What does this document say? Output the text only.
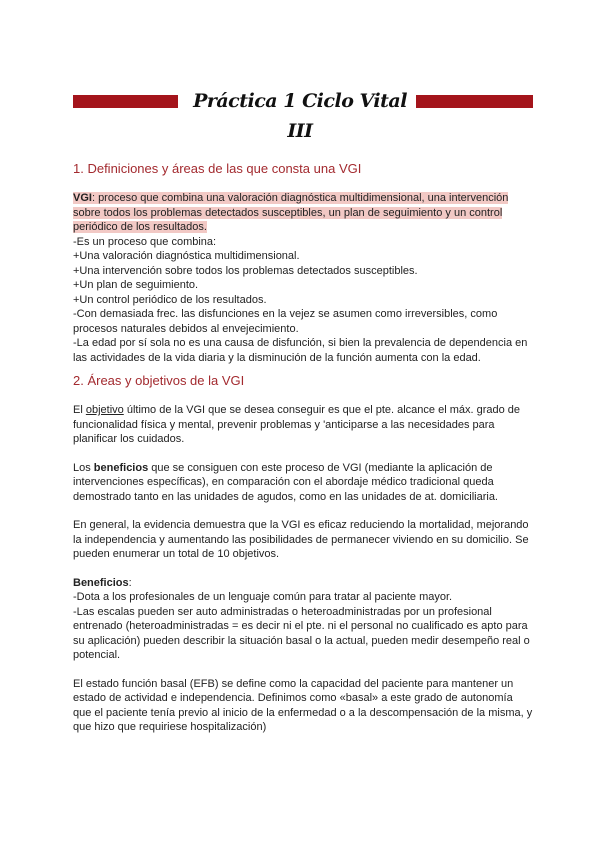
Práctica 1 Ciclo Vital III
1. Definiciones y áreas de las que consta una VGI

VGI: proceso que combina una valoración diagnóstica multidimensional, una intervención sobre todos los problemas detectados susceptibles, un plan de seguimiento y un control periódico de los resultados.

-Es un proceso que combina:

+Una valoración diagnóstica multidimensional.

+Una intervención sobre todos los problemas detectados susceptibles.

+Un plan de seguimiento.

+Un control periódico de los resultados.

-Con demasiada frec. las disfunciones en la vejez se asumen como irreversibles, como procesos naturales debidos al envejecimiento.

-La edad por sí sola no es una causa de disfunción, si bien la prevalencia de dependencia en las actividades de la vida diaria y la disminución de la función aumenta con la edad.

2. Áreas y objetivos de la VGI

El objetivo último de la VGI que se desea conseguir es que el pte. alcance el máx. grado de funcionalidad física y mental, prevenir problemas y 'anticiparse a las necesidades para planificar los cuidados.

Los beneficios que se consiguen con este proceso de VGI (mediante la aplicación de intervenciones específicas), en comparación con el abordaje médico tradicional queda demostrado tanto en las unidades de agudos, como en las unidades de at. domiciliaria.

En general, la evidencia demuestra que la VGI es eficaz reduciendo la mortalidad, mejorando la independencia y aumentando las posibilidades de permanecer viviendo en su domicilio. Se pueden enumerar un total de 10 objetivos.

Beneficios:

-Dota a los profesionales de un lenguaje común para tratar al paciente mayor.

-Las escalas pueden ser auto administradas o heteroadministradas por un profesional entrenado (heteroadministradas = es decir ni el pte. ni el personal no cualificado es apto para su aplicación) pueden describir la situación basal o la actual, pueden medir desempeño real o potencial.

El estado función basal (EFB) se define como la capacidad del paciente para mantener un estado de actividad e independencia. Definimos como «basal» a este grado de autonomía que el paciente tenía previo al inicio de la enfermedad o a la descompensación de la misma, y que hizo que requiriese hospitalización)
